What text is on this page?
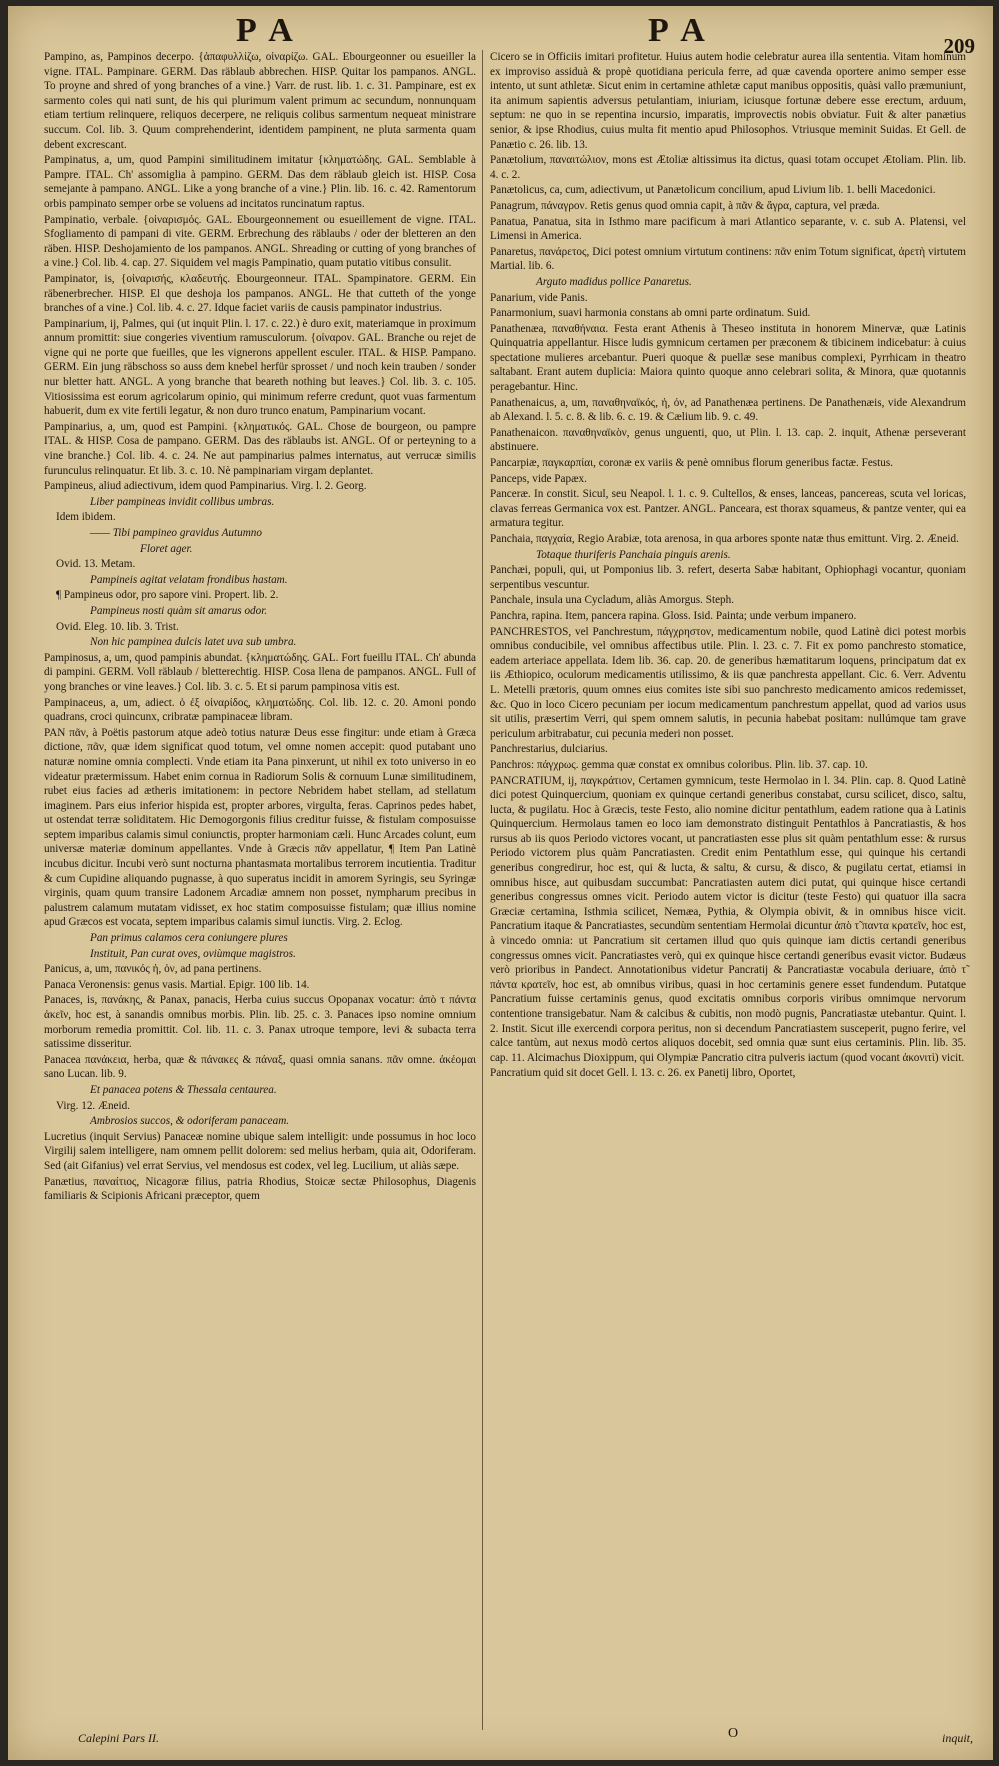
PA	PA	209

Pampino, as, Pampinos decerpo. {ἀπαφυλλίζω, οἰναρίζω. GAL. Ebourgeonner ou esueiller la vigne. ITAL. Pampinare. GERM. Das räblaub abbrechen. HISP. Quitar los pampanos. ANGL. To proyne and shred of yong branches of a vine.} Varr. de rust. lib. 1. c. 31. Pampinare, est ex sarmento coles qui nati sunt, de his qui plurimum valent primum ac secundum, nonnunquam etiam tertium relinquere, reliquos decerpere, ne reliquis colibus sarmentum nequeat ministrare succum. Col. lib. 3. Quum comprehenderint, identidem pampinent, ne pluta sarmenta quam debent excrescant.

Pampinatus, a, um, quod Pampini similitudinem imitatur {κληματώδης. GAL. Semblable à Pampre. ITAL. Ch' assomiglia à pampino. GERM. Das dem räblaub gleich ist. HISP. Cosa semejante à pampano. ANGL. Like a yong branche of a vine.} Plin. lib. 16. c. 42. Ramentorum orbis pampinato semper orbe se voluens ad incitatos runcinatum raptus.

Pampinatio, verbale. {οἰναρισμός. GAL. Ebourgeonnement ou esueillement de vigne. ITAL. Sfogliamento di pampani di vite. GERM. Erbrechung des räblaubs / oder der bletteren an den räben. HISP. Deshojamiento de los pampanos. ANGL. Shreading or cutting of yong branches of a vine.} Col. lib. 4. cap. 27. Siquidem vel magis Pampinatio, quam putatio vitibus consulit.

Pampinator, is, {οἰναρισής, κλαδευτής. Ebourgeonneur. ITAL. Spampinatore. GERM. Ein räbenerbrecher. HISP. El que deshoja los pampanos. ANGL. He that cutteth of the yonge branches of a vine.} Col. lib. 4. c. 27. Idque faciet variis de causis pampinator industrius.

Pampinarium, ij, Palmes, qui (ut inquit Plin. l. 17. c. 22.) è duro exit, materiamque in proximum annum promittit: siue congeries viventium ramusculorum. {οἰναρον. GAL. Branche ou rejet de vigne qui ne porte que fueilles, que les vignerons appellent esculer. ITAL. & HISP. Pampano. GERM. Ein jung räbschoss so auss dem knebel herfür sprosset / und noch kein trauben / sonder nur bletter hatt. ANGL. A yong branche that beareth nothing but leaves.} Col. lib. 3. c. 105. Vitiosissima est eorum agricolarum opinio, qui minimum referre credunt, quot vuas farmentum habuerit, dum ex vite fertili legatur, & non duro trunco enatum, Pampinarium vocant.

Pampinarius, a, um, quod est Pampini. {κληματικός. GAL. Chose de bourgeon, ou pampre ITAL. & HISP. Cosa de pampano. GERM. Das des räblaubs ist. ANGL. Of or perteyning to a vine branche.} Col. lib. 4. c. 24. Ne aut pampinarius palmes internatus, aut verrucæ similis furunculus relinquatur. Et lib. 3. c. 10. Nè pampinariam virgam deplantet.

Pampineus, aliud adiectivum, idem quod Pampinarius. Virg. l. 2. Georg.

Liber pampineas invidit collibus umbras.

Idem ibidem.

—— Tibi pampineo gravidus Autumno

Floret ager.

Ovid. 13. Metam.

Pampineis agitat velatam frondibus hastam.

¶ Pampineus odor, pro sapore vini. Propert. lib. 2.

Pampineus nosti quàm sit amarus odor.

Ovid. Eleg. 10. lib. 3. Trist.

Non hic pampinea dulcis latet uva sub umbra.

Pampinosus, a, um, quod pampinis abundat. {κληματώδης. GAL. Fort fueillu ITAL. Ch' abunda di pampini. GERM. Voll räblaub / bletterechtig. HISP. Cosa llena de pampanos. ANGL. Full of yong branches or vine leaves.} Col. lib. 3. c. 5. Et si parum pampinosa vitis est.

Pampinaceus, a, um, adiect. ὁ ἐξ οἰναρίδος, κληματώδης. Col. lib. 12. c. 20. Amoni pondo quadrans, croci quincunx, cribratæ pampinaceæ libram.

PAN πᾶν, à Poëtis pastorum atque adeò totius naturæ Deus esse fingitur: unde etiam à Græca dictione, πᾶν, quæ idem significat quod totum, vel omne nomen accepit: quod putabant uno naturæ nomine omnia complecti. Vnde etiam ita Pana pinxerunt, ut nihil ex toto universo in eo videatur prætermissum. Habet enim cornua in Radiorum Solis & cornuum Lunæ similitudinem, rubet eius facies ad ætheris imitationem: in pectore Nebridem habet stellam, ad stellatum imaginem. Pars eius inferior hispida est, propter arbores, virgulta, feras. Caprinos pedes habet, ut ostendat terræ soliditatem. Hic Demogorgonis filius creditur fuisse, & fistulam composuisse septem imparibus calamis simul coniunctis, propter harmoniam cæli. Hunc Arcades colunt, eum universæ materiæ dominum appellantes. Vnde à Græcis πᾶν appellatur, ¶ Item Pan Latinè incubus dicitur. Incubi verò sunt nocturna phantasmata mortalibus terrorem incutientia. Traditur & cum Cupidine aliquando pugnasse, à quo superatus incidit in amorem Syringis, seu Syringæ virginis, quam quum transire Ladonem Arcadiæ amnem non posset, nympharum precibus in palustrem calamum mutatam vidisset, ex hoc statim composuisse fistulam; quæ illius nomine apud Græcos est vocata, septem imparibus calamis simul iunctis. Virg. 2. Eclog.

Pan primus calamos cera coniungere plures

Instituit, Pan curat oves, oviùmque magistros.

Panicus, a, um, πανικός ἡ, ὁν, ad pana pertinens.

Panaca Veronensis: genus vasis. Martial. Epigr. 100 lib. 14.

Panaces, is, πανάκης, & Panax, panacis, Herba cuius succus Opopanax vocatur: ἀπὸ τ πάντα ἀκεῖν, hoc est, à sanandis omnibus morbis. Plin. lib. 25. c. 3. Panaces ipso nomine omnium morborum remedia promittit. Col. lib. 11. c. 3. Panax utroque tempore, levi & subacta terra satissime disseritur.

Panacea πανάκεια, herba, quæ & πάνακες & πάναξ, quasi omnia sanans. πᾶν omne. ἀκέομαι sano Lucan. lib. 9.

Et panacea potens & Thessala centaurea.

Virg. 12. Æneid.

Ambrosios succos, & odoriferam panaceam.

Lucretius (inquit Servius) Panaceæ nomine ubique salem intelligit: unde possumus in hoc loco Virgilij salem intelligere, nam omnem pellit dolorem: sed melius herbam, quia ait, Odoriferam. Sed (ait Gifanius) vel errat Servius, vel mendosus est codex, vel leg. Lucilium, ut aliàs sæpe.

Panætius, παναίτιος, Nicagoræ filius, patria Rhodius, Stoicæ sectæ Philosophus, Diagenis familiaris & Scipionis Africani præceptor, quem

Cicero se in Officiis imitari profitetur. Huius autem hodie celebratur aurea illa sententia. Vitam hominum ex improviso assiduà & propè quotidiana pericula ferre, ad quæ cavenda oportere animo semper esse intento, ut sunt athletæ. Sicut enim in certamine athletæ caput manibus oppositis, quàsi vallo præmuniunt, ita animum sapientis adversus petulantiam, iniuriam, iciusque fortunæ debere esse erectum, arduum, septum: ne quo in se repentina incursio, imparatis, improvectis nobis obviatur. Fuit & alter panætius senior, & ipse Rhodius, cuius multa fit mentio apud Philosophos. Vtriusque meminit Suidas. Et Gell. de Panætio c. 26. lib. 13.

Panætolium, παναιτώλιον, mons est Ætoliæ altissimus ita dictus, quasi totam occupet Ætoliam. Plin. lib. 4. c. 2.

Panætolicus, ca, cum, adiectivum, ut Panætolicum concilium, apud Livium lib. 1. belli Macedonici.

Panagrum, πάναγρον. Retis genus quod omnia capit, à πᾶν & ἄγρα, captura, vel præda.

Panatua, Panatua, sita in Isthmo mare pacificum à mari Atlantico separante, v. c. sub A. Platensi, vel Limensi in America.

Panaretus, πανάρετος, Dici potest omnium virtutum continens: πᾶν enim Totum significat, ἀρετὴ virtutem Martial. lib. 6.

Arguto madidus pollice Panaretus.

Panarium, vide Panis.

Panarmonium, suavi harmonia constans ab omni parte ordinatum. Suid.

Panathenæa, παναθήναια. Festa erant Athenis à Theseo instituta in honorem Minervæ, quæ Latinis Quinquatria appellantur. Hisce ludis gymnicum certamen per præconem & tibicinem indicebatur: à cuius spectatione mulieres arcebantur. Pueri quoque & puellæ sese manibus complexi, Pyrrhicam in theatro saltabant. Erant autem duplicia: Maiora quinto quoque anno celebrari solita, & Minora, quæ quotannis peragebantur. Hinc.

Panathenaicus, a, um, παναθηναϊκός, ἡ, όν, ad Panathenæa pertinens. De Panathenæis, vide Alexandrum ab Alexand. l. 5. c. 8. & lib. 6. c. 19. & Cælium lib. 9. c. 49.

Panathenaicon. παναθηναϊκὸν, genus unguenti, quo, ut Plin. l. 13. cap. 2. inquit, Athenæ perseverant abstinuere.

Pancarpiæ, παγκαρπίαι, coronæ ex variis & penè omnibus florum generibus factæ. Festus.

Panceps, vide Papæx.

Panceræ. In constit. Sicul, seu Neapol. l. 1. c. 9. Cultellos, & enses, lanceas, pancereas, scuta vel loricas, clavas ferreas Germanica vox est. Pantzer. ANGL. Panceara, est thorax squameus, & pantze venter, qui ea armatura tegitur.

Panchaia, παγχαία, Regio Arabiæ, tota arenosa, in qua arbores sponte natæ thus emittunt. Virg. 2. Æneid.

Totaque thuriferis Panchaia pinguis arenis.

Panchæi, populi, qui, ut Pomponius lib. 3. refert, deserta Sabæ habitant, Ophiophagi vocantur, quoniam serpentibus vescuntur.

Panchale, insula una Cycladum, aliàs Amorgus. Steph.

Panchra, rapina. Item, pancera rapina. Gloss. Isid. Painta; unde verbum impanero.

PANCHRESTOS, vel Panchrestum, πάγχρηστον, medicamentum nobile, quod Latinè dici potest morbis omnibus conducibile, vel omnibus affectibus utile. Plin. l. 23. c. 7. Fit ex pomo panchresto stomatice, eadem arteriace appellata. Idem lib. 36. cap. 20. de generibus hæmatitarum loquens, principatum dat ex iis Æthiopico, oculorum medicamentis utilissimo, & iis quæ panchresta appellant. Cic. 6. Verr. Adventu L. Metelli prætoris, quum omnes eius comites iste sibi suo panchresto medicamento amicos redemisset, &c. Quo in loco Cicero pecuniam per iocum medicamentum panchrestum appellat, quod ad varios usus sit utilis, præsertim Verri, qui spem omnem salutis, in pecunia habebat positam: nullúmque tam grave periculum arbitrabatur, cui pecunia mederi non posset.

Panchrestarius, dulciarius.

Panchros: πάγχρως. gemma quæ constat ex omnibus coloribus. Plin. lib. 37. cap. 10.

PANCRATIUM, ij, παγκράτιον, Certamen gymnicum, teste Hermolao in l. 34. Plin. cap. 8. Quod Latinè dici potest Quinquercium, quoniam ex quinque certandi generibus constabat, cursu scilicet, disco, saltu, lucta, & pugilatu. Hoc à Græcis, teste Festo, alio nomine dicitur pentathlum, eadem ratione qua à Latinis Quinquercium. Hermolaus tamen eo loco iam demonstrato distinguit Pentathlos à Pancratiastis, & hos rursus ab iis quos Periodo victores vocant, ut pancratiasten esse plus sit quàm pentathlum esse: & rursus Periodo victorem plus quàm Pancratiasten. Credit enim Pentathlum esse, qui quinque his certandi generibus congredirur, hoc est, qui & lucta, & saltu, & cursu, & disco, & pugilatu certat, etiamsi in omnibus hisce, aut quibusdam succumbat: Pancratiasten autem dici putat, qui quinque hisce certandi generibus congressus omnes vicit. Periodo autem victor is dicitur (teste Festo) qui quatuor illa sacra Græciæ certamina, Isthmia scilicet, Nemæa, Pythia, & Olympia obivit, & in omnibus hisce vicit. Pancratium itaque & Pancratiastes, secundùm sententiam Hermolai dicuntur ἀπὸ τ̃ παντα κρατεῖν, hoc est, à vincedo omnia: ut Pancratium sit certamen illud quo quis quinque iam dictis certandi generibus congressus omnes vicit. Pancratiastes verò, qui ex quinque hisce certandi generibus evasit victor. Budæus verò prioribus in Pandect. Annotationibus videtur Pancratij & Pancratiastæ vocabula deriuare, ἀπὸ τ̃ πάντα κρατεῖν, hoc est, ab omnibus viribus, quasi in hoc certaminis genere esset fundendum. Putatque Pancratium fuisse certaminis genus, quod excitatis omnibus corporis viribus omnimque nervorum contentione transigebatur. Nam & calcibus & cubitis, non modò pugnis, Pancratiastæ utebantur. Quint. l. 2. Instit. Sicut ille exercendi corpora peritus, non si decendum Pancratiastem susceperit, pugno ferire, vel calce tantùm, aut nexus modò certos aliquos docebit, sed omnia quæ sunt eius certaminis. Plin. lib. 35. cap. 11. Alcimachus Dioxippum, qui Olympiæ Pancratio citra pulveris iactum (quod vocant ἀκονιτὶ) vicit.

Pancratium quid sit docet Gell. l. 13. c. 26. ex Panetij libro, Oportet,

Calepini Pars II.	O	inquit,
